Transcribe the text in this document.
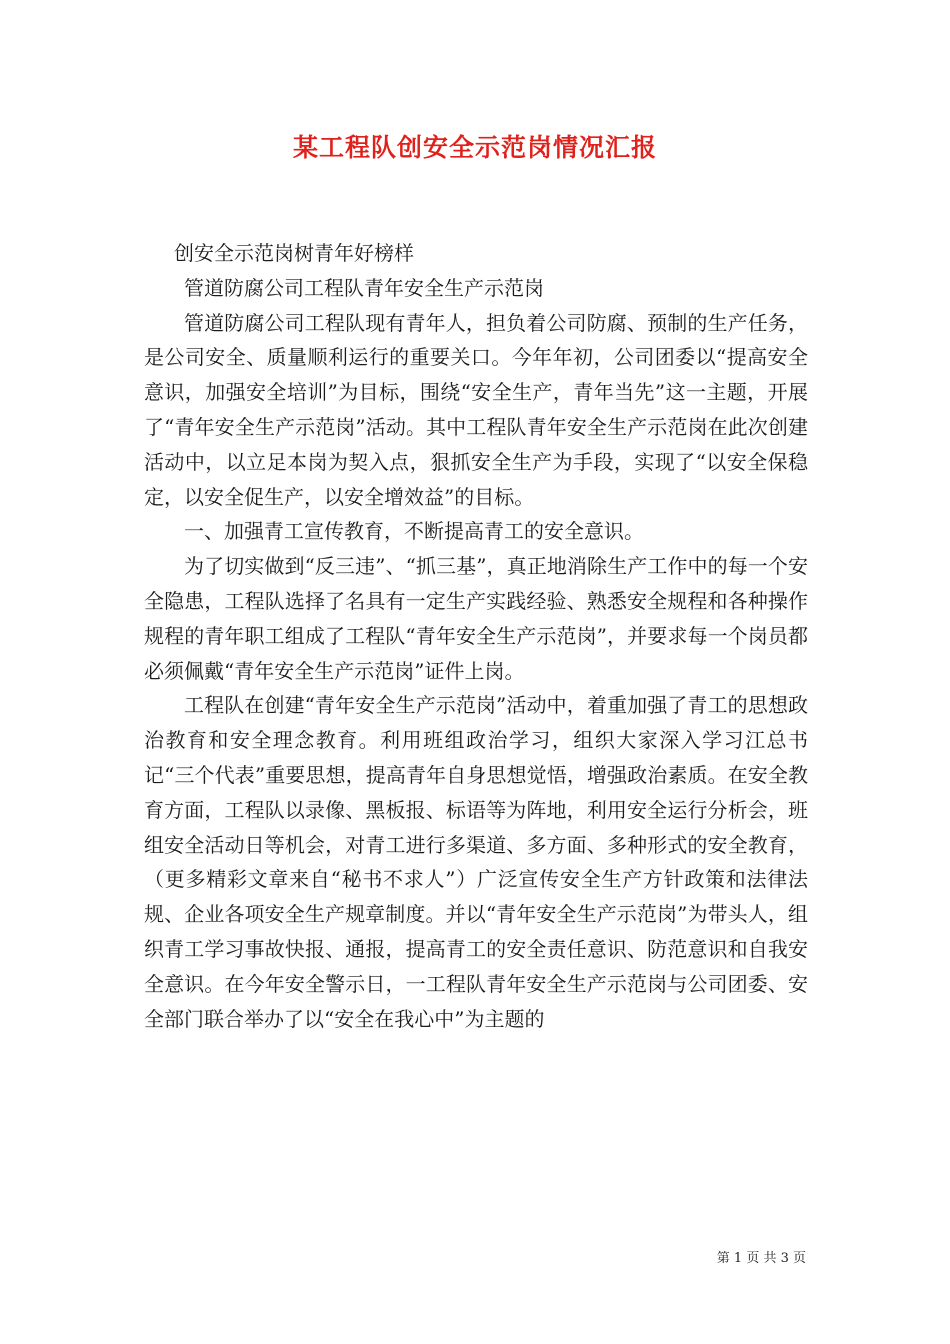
某工程队创安全示范岗情况汇报

创安全示范岗树青年好榜样

管道防腐公司工程队青年安全生产示范岗

管道防腐公司工程队现有青年人，担负着公司防腐、预制的生产任务，是公司安全、质量顺利运行的重要关口。今年年初，公司团委以“提高安全意识，加强安全培训”为目标，围绕“安全生产，青年当先”这一主题，开展了“青年安全生产示范岗”活动。其中工程队青年安全生产示范岗在此次创建活动中，以立足本岗为契入点，狠抓安全生产为手段，实现了“以安全保稳定，以安全促生产，以安全增效益”的目标。

一、加强青工宣传教育，不断提高青工的安全意识。

为了切实做到“反三违”、“抓三基”，真正地消除生产工作中的每一个安全隐患，工程队选择了名具有一定生产实践经验、熟悉安全规程和各种操作规程的青年职工组成了工程队“青年安全生产示范岗”，并要求每一个岗员都必须佩戴“青年安全生产示范岗”证件上岗。

工程队在创建“青年安全生产示范岗”活动中，着重加强了青工的思想政治教育和安全理念教育。利用班组政治学习，组织大家深入学习江总书记“三个代表”重要思想，提高青年自身思想觉悟，增强政治素质。在安全教育方面，工程队以录像、黑板报、标语等为阵地，利用安全运行分析会，班组安全活动日等机会，对青工进行多渠道、多方面、多种形式的安全教育，（更多精彩文章来自“秘书不求人”）广泛宣传安全生产方针政策和法律法规、企业各项安全生产规章制度。并以“青年安全生产示范岗”为带头人，组织青工学习事故快报、通报，提高青工的安全责任意识、防范意识和自我安全意识。在今年安全警示日，一工程队青年安全生产示范岗与公司团委、安全部门联合举办了以“安全在我心中”为主题的

第 1 页 共 3 页
